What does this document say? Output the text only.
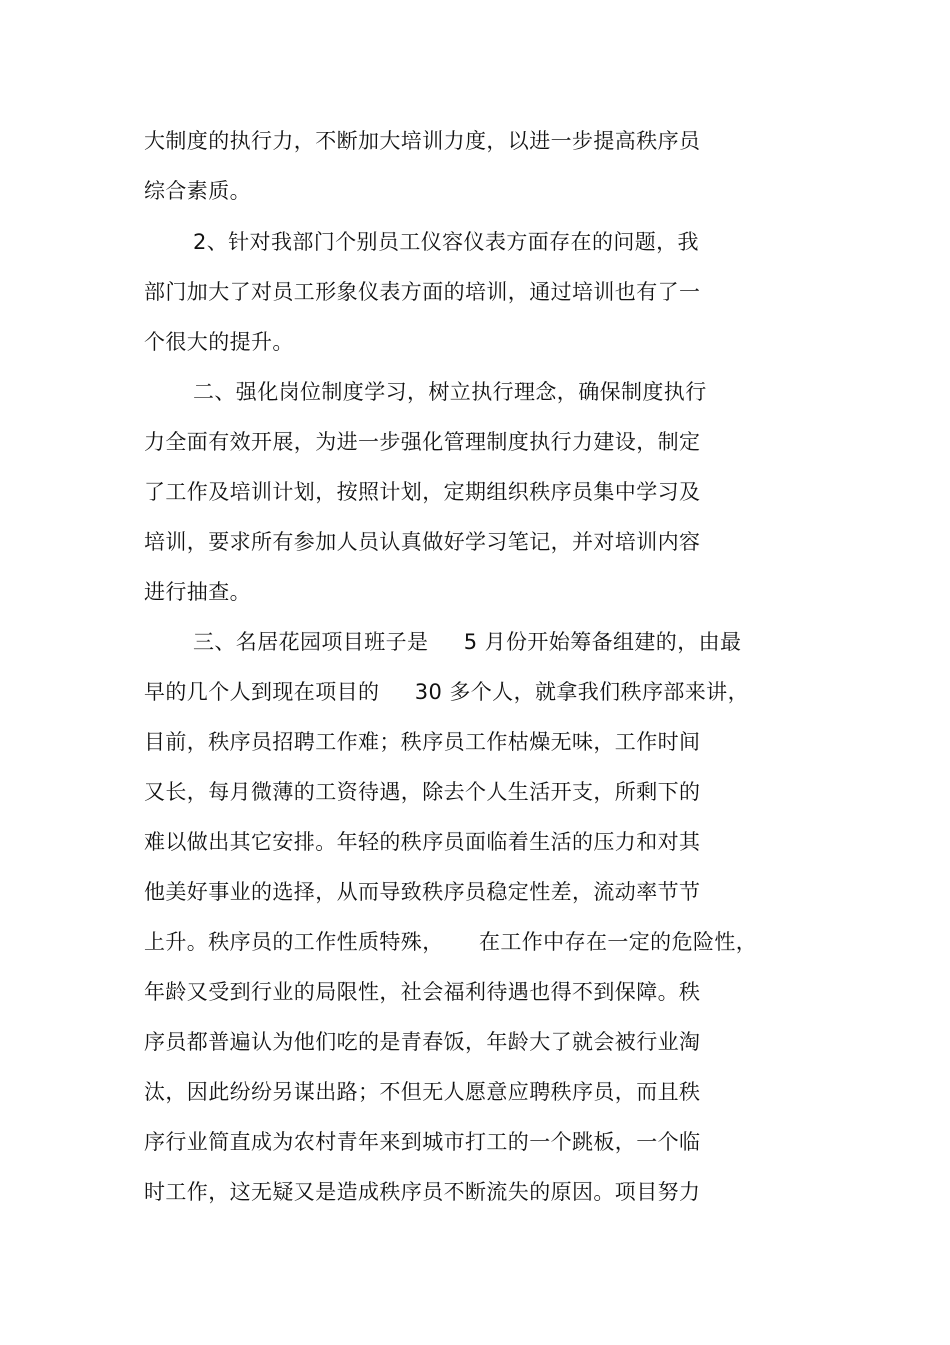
大制度的执行力，不断加大培训力度，以进一步提高秩序员

综合素质。

2、针对我部门个别员工仪容仪表方面存在的问题，我

部门加大了对员工形象仪表方面的培训，通过培训也有了一

个很大的提升。

二、强化岗位制度学习，树立执行理念，确保制度执行

力全面有效开展，为进一步强化管理制度执行力建设，制定

了工作及培训计划，按照计划，定期组织秩序员集中学习及

培训，要求所有参加人员认真做好学习笔记，并对培训内容

进行抽查。

三、名居花园项目班子是     5 月份开始筹备组建的，由最

早的几个人到现在项目的     30 多个人，就拿我们秩序部来讲，

目前，秩序员招聘工作难；秩序员工作枯燥无味，工作时间

又长，每月微薄的工资待遇，除去个人生活开支，所剩下的

难以做出其它安排。年轻的秩序员面临着生活的压力和对其

他美好事业的选择，从而导致秩序员稳定性差，流动率节节

上升。秩序员的工作性质特殊，     在工作中存在一定的危险性，

年龄又受到行业的局限性，社会福利待遇也得不到保障。秩

序员都普遍认为他们吃的是青春饭，年龄大了就会被行业淘

汰，因此纷纷另谋出路；不但无人愿意应聘秩序员，而且秩

序行业简直成为农村青年来到城市打工的一个跳板，一个临

时工作，这无疑又是造成秩序员不断流失的原因。项目努力
